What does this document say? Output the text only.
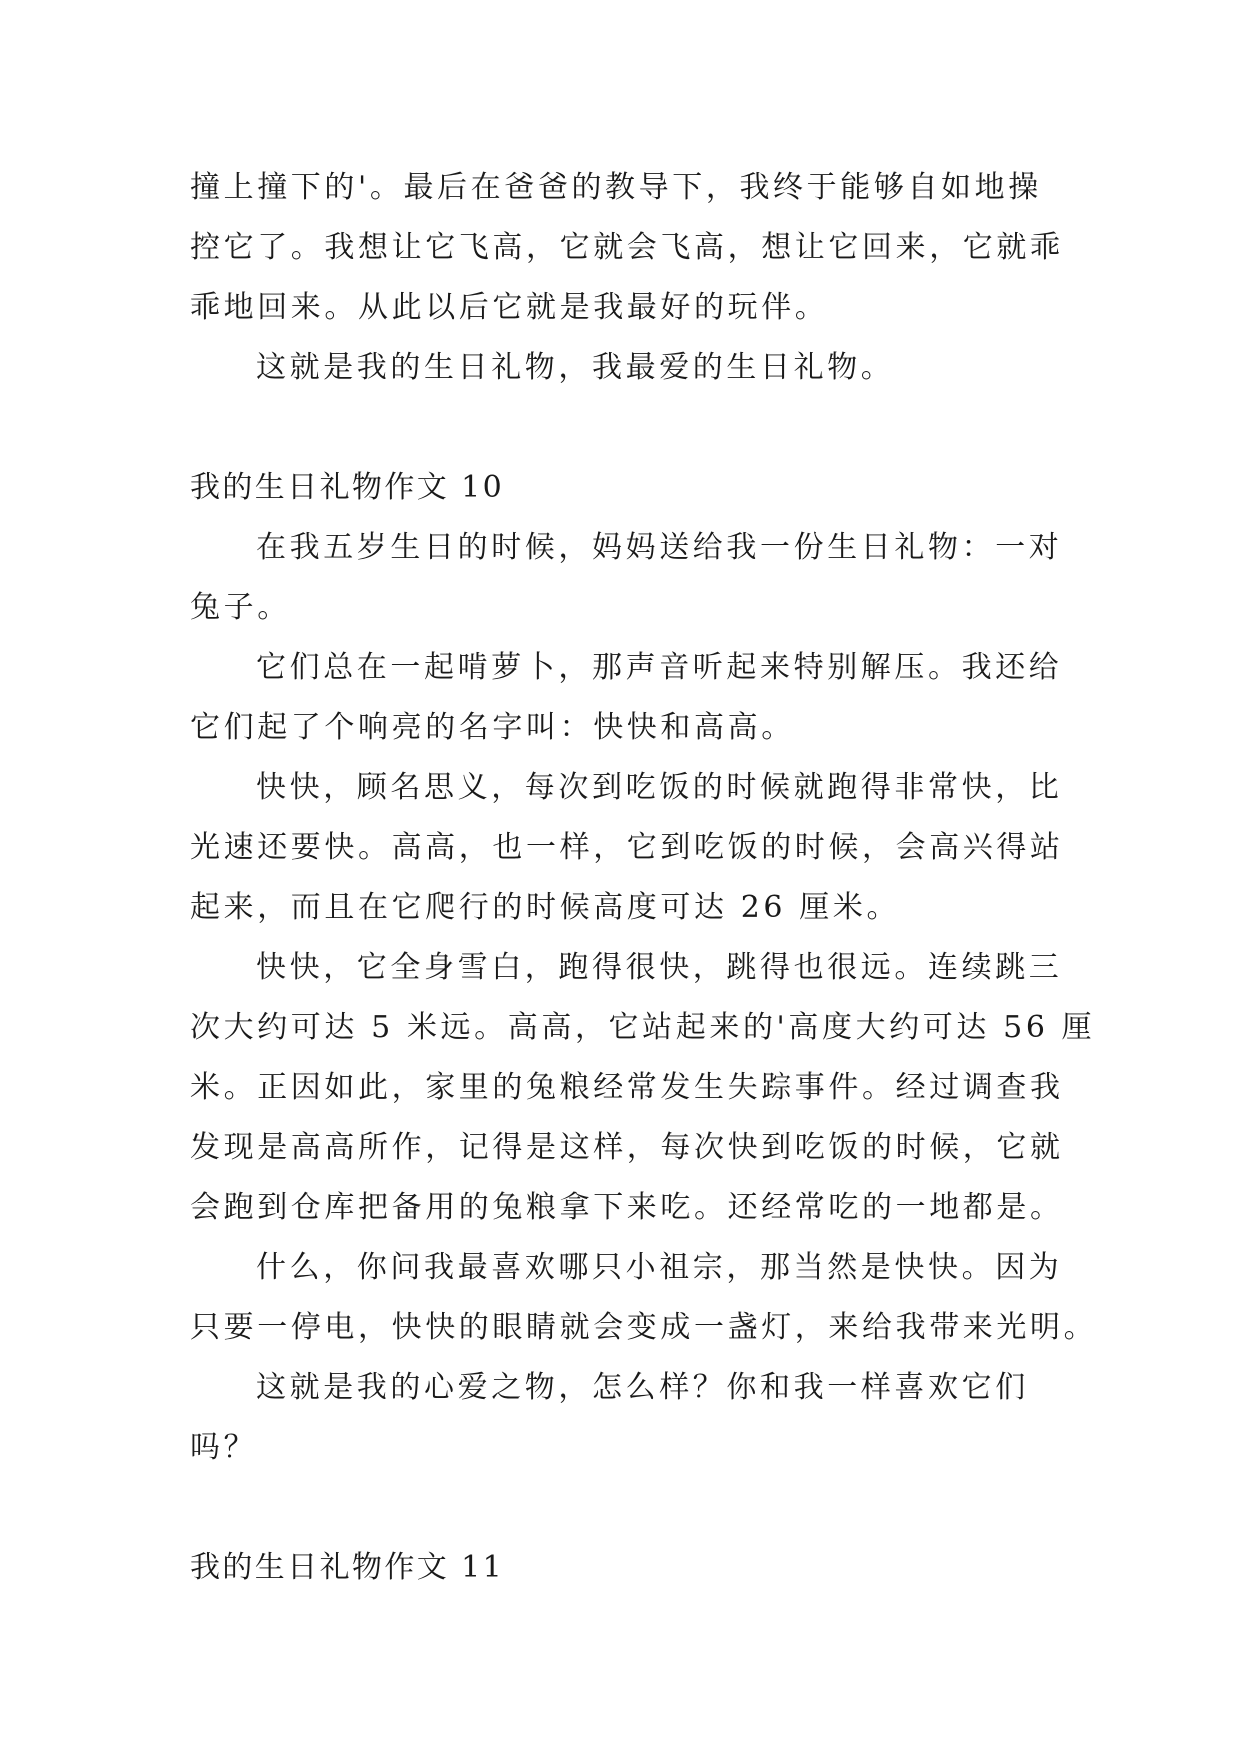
撞上撞下的'。最后在爸爸的教导下，我终于能够自如地操
控它了。我想让它飞高，它就会飞高，想让它回来，它就乖
乖地回来。从此以后它就是我最好的玩伴。
这就是我的生日礼物，我最爱的生日礼物。
我的生日礼物作文 10
在我五岁生日的时候，妈妈送给我一份生日礼物：一对
兔子。
它们总在一起啃萝卜，那声音听起来特别解压。我还给
它们起了个响亮的名字叫：快快和高高。
快快，顾名思义，每次到吃饭的时候就跑得非常快，比
光速还要快。高高，也一样，它到吃饭的时候，会高兴得站
起来，而且在它爬行的时候高度可达 26 厘米。
快快，它全身雪白，跑得很快，跳得也很远。连续跳三
次大约可达 5 米远。高高，它站起来的'高度大约可达 56 厘
米。正因如此，家里的兔粮经常发生失踪事件。经过调查我
发现是高高所作，记得是这样，每次快到吃饭的时候，它就
会跑到仓库把备用的兔粮拿下来吃。还经常吃的一地都是。
什么，你问我最喜欢哪只小祖宗，那当然是快快。因为
只要一停电，快快的眼睛就会变成一盏灯，来给我带来光明。
这就是我的心爱之物，怎么样？你和我一样喜欢它们
吗？
我的生日礼物作文 11
